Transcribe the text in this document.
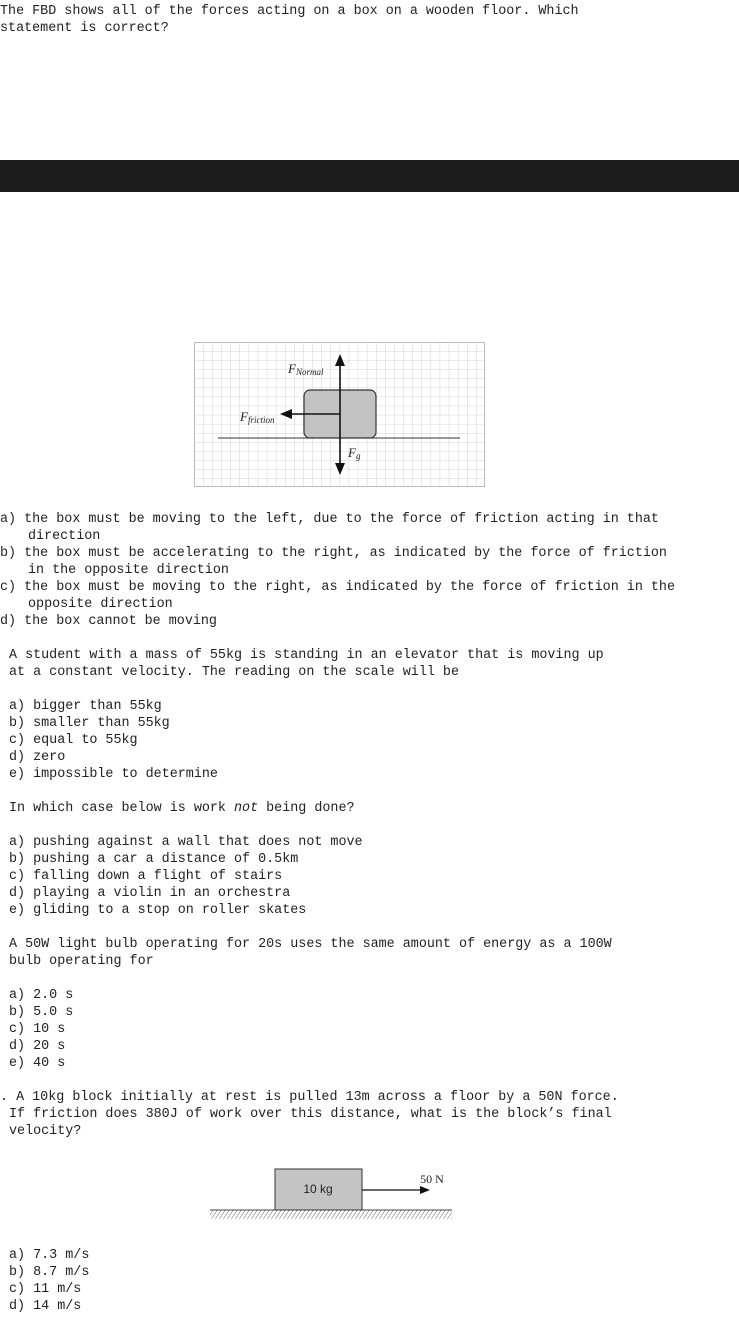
The FBD shows all of the forces acting on a box on a wooden floor. Which

statement is correct?

FNormal
Ffriction
Fg
a) the box must be moving to the left, due to the force of friction acting in that direction
b) the box must be accelerating to the right, as indicated by the force of friction in the opposite direction
c) the box must be moving to the right, as indicated by the force of friction in the opposite direction
d) the box cannot be moving

A student with a mass of 55kg is standing in an elevator that is moving up

at a constant velocity. The reading on the scale will be

a) bigger than 55kg
b) smaller than 55kg
c) equal to 55kg
d) zero
e) impossible to determine

In which case below is work not being done?

a) pushing against a wall that does not move
b) pushing a car a distance of 0.5km
c) falling down a flight of stairs
d) playing a violin in an orchestra
e) gliding to a stop on roller skates

A 50W light bulb operating for 20s uses the same amount of energy as a 100W

bulb operating for

a) 2.0 s
b) 5.0 s
c) 10 s
d) 20 s
e) 40 s

. A 10kg block initially at rest is pulled 13m across a floor by a 50N force.

If friction does 380J of work over this distance, what is the block’s final

velocity?

10 kg
50 N
a) 7.3 m/s
b) 8.7 m/s
c) 11 m/s
d) 14 m/s
